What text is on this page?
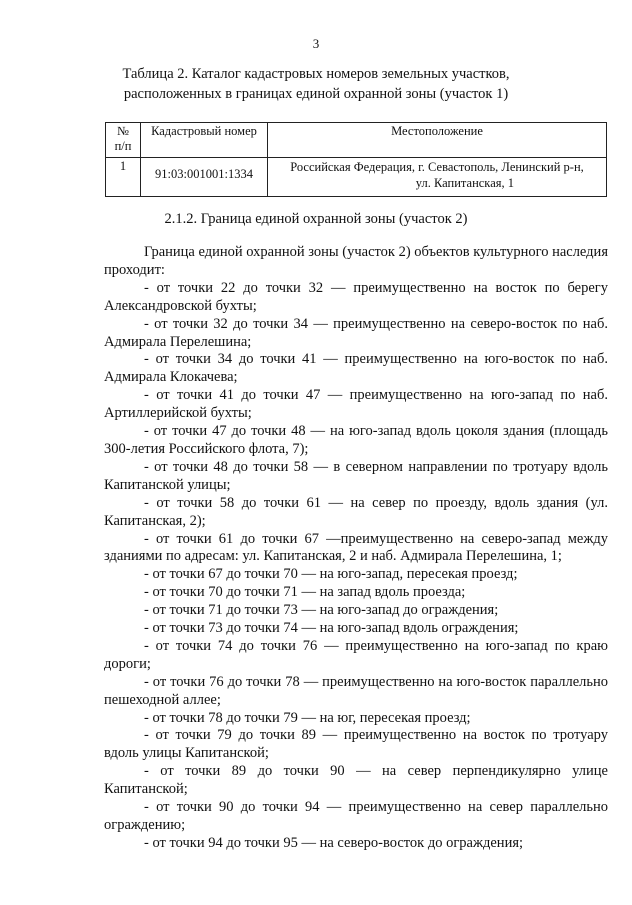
3
Таблица 2. Каталог кадастровых номеров земельных участков,
расположенных в границах единой охранной зоны (участок 1)
№
п/п	Кадастровый номер	Местоположение
1	91:03:001001:1334	Российская Федерация, г. Севастополь, Ленинский р-н,
ул. Капитанская, 1
2.1.2. Граница единой охранной зоны (участок 2)

Граница единой охранной зоны (участок 2) объектов культурного наследия проходит:

- от точки 22 до точки 32 — преимущественно на восток по берегу Александровской бухты;

- от точки 32 до точки 34 — преимущественно на северо-восток по наб. Адмирала Перелешина;

- от точки 34 до точки 41 — преимущественно на юго-восток по наб. Адмирала Клокачева;

- от точки 41 до точки 47 — преимущественно на юго-запад по наб. Артиллерийской бухты;

- от точки 47 до точки 48 — на юго-запад вдоль цоколя здания (площадь 300-летия Российского флота, 7);

- от точки 48 до точки 58 — в северном направлении по тротуару вдоль Капитанской улицы;

- от точки 58 до точки 61 — на север по проезду, вдоль здания (ул. Капитанская, 2);

- от точки 61 до точки 67 —преимущественно на северо-запад между зданиями по адресам: ул. Капитанская, 2 и наб. Адмирала Перелешина, 1;

- от точки 67 до точки 70 — на юго-запад, пересекая проезд;

- от точки 70 до точки 71 — на запад вдоль проезда;

- от точки 71 до точки 73 — на юго-запад до ограждения;

- от точки 73 до точки 74 — на юго-запад вдоль ограждения;

- от точки 74 до точки 76 — преимущественно на юго-запад по краю дороги;

- от точки 76 до точки 78 — преимущественно на юго-восток параллельно пешеходной аллее;

- от точки 78 до точки 79 — на юг, пересекая проезд;

- от точки 79 до точки 89 — преимущественно на восток по тротуару вдоль улицы Капитанской;

- от точки 89 до точки 90 — на север перпендикулярно улице Капитанской;

- от точки 90 до точки 94 — преимущественно на север параллельно ограждению;

- от точки 94 до точки 95 — на северо-восток до ограждения;
